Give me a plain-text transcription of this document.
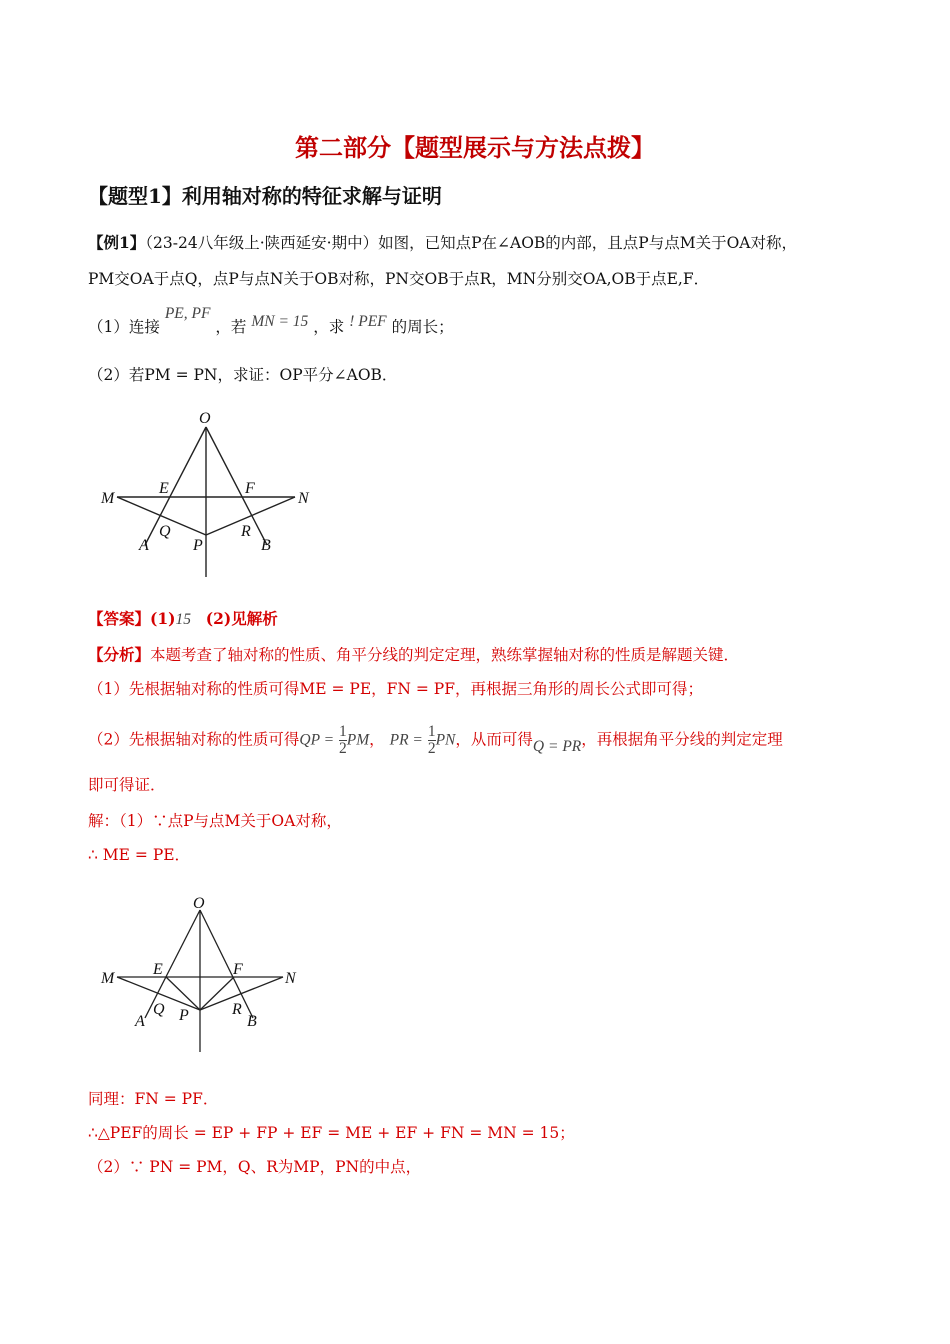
第二部分【题型展示与方法点拨】
【题型1】利用轴对称的特征求解与证明
【例1】（23-24八年级上·陕西延安·期中）如图，已知点P在∠AOB的内部，且点P与点M关于OA对称，
PM交OA于点Q，点P与点N关于OB对称，PN交OB于点R，MN分别交OA,OB于点E,F．
（1）连接 PE, PF ，若 MN = 15 ，求 ! PEF 的周长；
（2）若PM = PN，求证：OP平分∠AOB．
O
M	N
E	F
A
Q
P
R
B
【答案】(1)15 (2)见解析
【分析】本题考查了轴对称的性质、角平分线的判定定理，熟练掌握轴对称的性质是解题关键．
（1）先根据轴对称的性质可得ME = PE，FN = PF，再根据三角形的周长公式即可得；
（2）先根据轴对称的性质可得QP = $\frac{1}{2}$ PM， PR = $\frac{1}{2}$ PN，从而可得Q = PR，再根据角平分线的判定定理
即可得证．
解：（1）∵点P与点M关于OA对称，
∴ ME = PE．
O
M	N
E	F
A
Q P	R
B
同理：FN = PF．
∴△PEF的周长 = EP + FP + EF = ME + EF + FN = MN = 15；
（2）∵ PN = PM，Q、R为MP，PN的中点，
